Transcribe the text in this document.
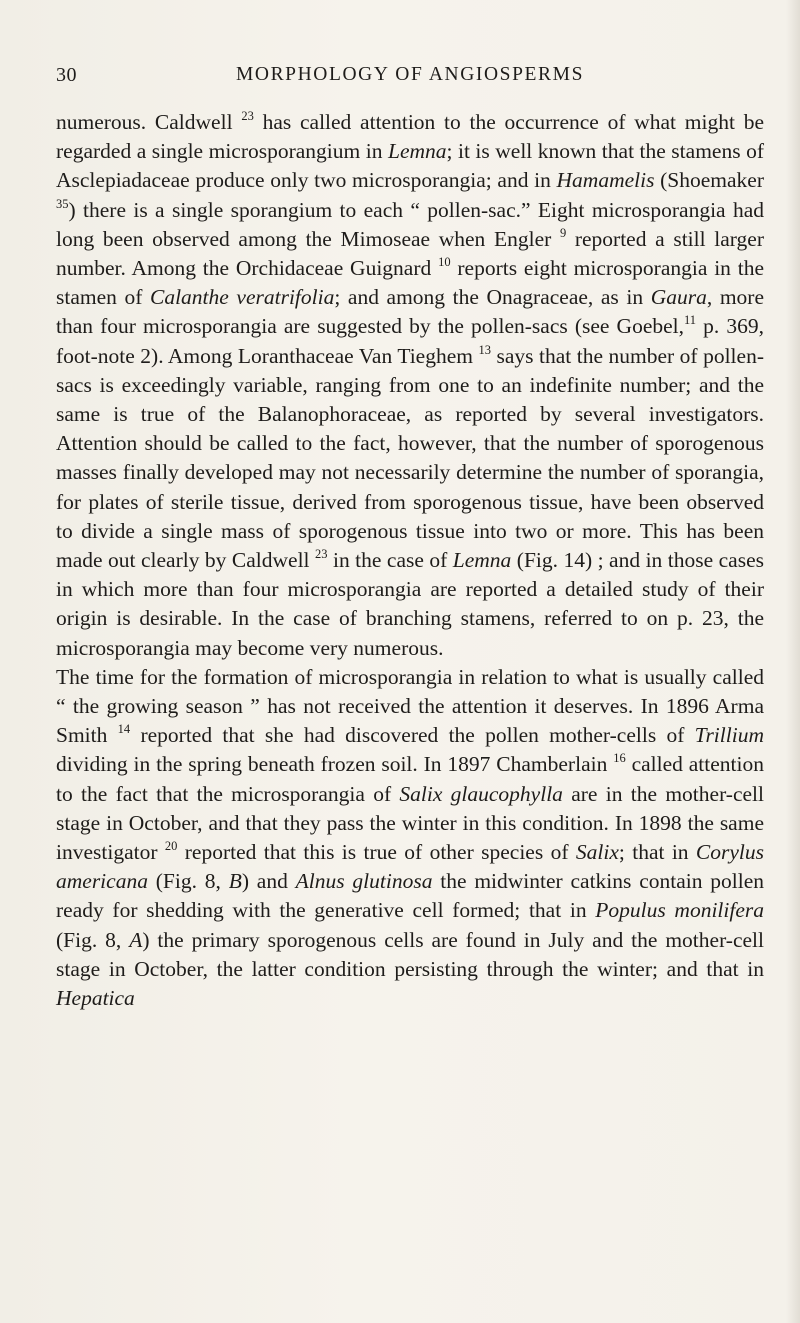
30	MORPHOLOGY OF ANGIOSPERMS

numerous. Caldwell $^{23}$ has called attention to the occurrence of what might be regarded a single microsporangium in Lemna; it is well known that the stamens of Asclepiadaceae produce only two microsporangia; and in Hamamelis (Shoemaker $^{35}$) there is a single sporangium to each “ pollen-sac.” Eight microsporangia had long been observed among the Mimoseae when Engler $^9$ reported a still larger number. Among the Orchidaceae Guignard $^{10}$ reports eight microsporangia in the stamen of Calanthe veratrifolia; and among the Onagraceae, as in Gaura, more than four microsporangia are suggested by the pollen-sacs (see Goebel,$^{11}$ p. 369, foot-note 2). Among Loranthaceae Van Tieghem $^{13}$ says that the number of pollen-sacs is exceedingly variable, ranging from one to an indefinite number; and the same is true of the Balanophoraceae, as reported by several investigators. Attention should be called to the fact, however, that the number of sporogenous masses finally developed may not necessarily determine the number of sporangia, for plates of sterile tissue, derived from sporogenous tissue, have been observed to divide a single mass of sporogenous tissue into two or more. This has been made out clearly by Caldwell $^{23}$ in the case of Lemna (Fig. 14) ; and in those cases in which more than four microsporangia are reported a detailed study of their origin is desirable. In the case of branching stamens, referred to on p. 23, the microsporangia may become very numerous.

The time for the formation of microsporangia in relation to what is usually called “ the growing season ” has not received the attention it deserves. In 1896 Arma Smith $^{14}$ reported that she had discovered the pollen mother-cells of Trillium dividing in the spring beneath frozen soil. In 1897 Chamberlain $^{16}$ called attention to the fact that the microsporangia of Salix glaucophylla are in the mother-cell stage in October, and that they pass the winter in this condition. In 1898 the same investigator $^{20}$ reported that this is true of other species of Salix; that in Corylus americana (Fig. 8, B) and Alnus glutinosa the midwinter catkins contain pollen ready for shedding with the generative cell formed; that in Populus monilifera (Fig. 8, A) the primary sporogenous cells are found in July and the mother-cell stage in October, the latter condition persisting through the winter; and that in Hepatica
